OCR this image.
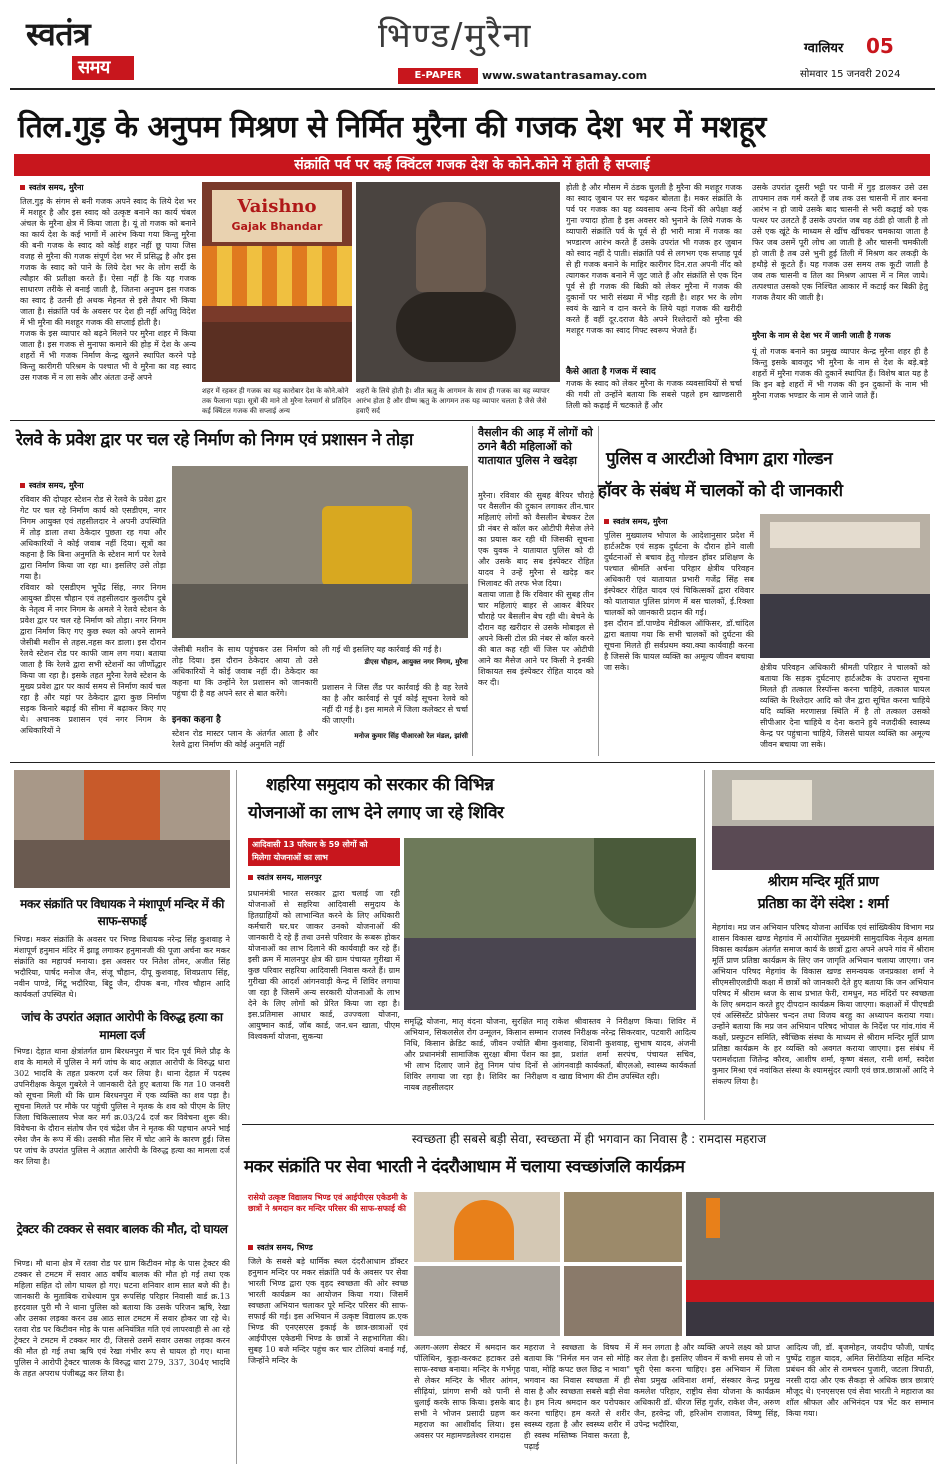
स्वतंत्र
समय
भिण्ड/मुरैना
E-PAPER	www.swatantrasamay.com
ग्वालियर 05
सोमवार 15 जनवरी 2024
तिल.गुड़ के अनुपम मिश्रण से निर्मित मुरैना की गजक देश भर में मशहूर
संक्रांति पर्व पर कई क्विंटल गजक देश के कोने.कोने में होती है सप्लाई
स्वतंत्र समय, मुरैना
तिल.गुड़ के संगम से बनी गजक अपने स्वाद के लिये देश भर में मशहूर है और इस स्वाद को उत्कृष्ट बनाने का कार्य चंबल अंचल के मुरैना क्षेत्र में किया जाता है। यूं तो गजक को बनाने का कार्य देश के कई भागों में आरंभ किया गया किन्तु मुरैना की बनी गजक के स्वाद को कोई शहर नहीं छू पाया जिस वजह से मुरैना की गजक संपूर्ण देश भर में प्रसिद्ध है और इस गजक के स्वाद को पाने के लिये देश भर के लोग सर्दी के त्यौहार की प्रतीक्षा करते हैं। ऐसा नहीं है कि यह गजक साधारण तरीके से बनाई जाती है, जितना अनुपम इस गजक का स्वाद है उतनी ही अथक मेहनत से इसे तैयार भी किया जाता है। संक्रांति पर्व के अवसर पर देश ही नहीं अपितु विदेश में भी मुरैना की मशहूर गजक की सप्लाई होती है।
गजक के इस व्यापार को बढ़ने मिलने पर मुरैना शहर में किया जाता है। इस गजक से मुनाफा कमाने की होड़ में देश के अन्य शहरों में भी गजक निर्माण केन्द्र खुलने स्थापित करने पड़े किन्तु कारीगरी परिश्रम के पश्चात भी वे मुरैना का वह स्वाद उस गजक में न ला सके और अंततः उन्हें अपने
Vaishno
Gajak Bhandar
शहर में रहकर ही गजक का यह कारोबार देश के कोने.कोने तक फैलाना पड़ा। सूत्रों की माने तो मुरैना रेलमार्ग से प्रतिदिन कई क्विंटल गजक की सप्लाई अन्य
शहरों के लिये होती है। शीत ऋतु के आगमन के साथ ही गजक का यह व्यापार आरंभ होता है और ग्रीष्म ऋतु के आगमन तक यह व्यापार चलता है जैसे जैसे हवाएँ सर्द
होती है और मौसम में ठंडक घुलती है मुरैना की मशहूर गजक का स्वाद जुबान पर सर चढ़कर बोलता है। मकर संक्रांति के पर्व पर गजक का यह व्यवसाय अन्य दिनों की अपेक्षा कई गुना ज्यादा होता है इस अवसर को भुनाने के लिये गजक के व्यापारी संक्रांति पर्व के पूर्व से ही भारी मात्रा में गजक का भण्डारण आरंभ करते हैं उसके उपरांत भी गजक हर जुबान को स्वाद नहीं दे पाती। संक्रांति पर्व से लगभग एक सप्ताह पूर्व से ही गजक बनाने के माहिर कारीगर दिन.रात अपनी नींद को त्यागकर गजक बनाने में जुट जाते हैं और संक्रांति से एक दिन पूर्व से ही गजक की बिक्री को लेकर मुरैना में गजक की दुकानों पर भारी संख्या में भीड़ रहती है। शहर भर के लोग स्वयं के खाने व दान करने के लिये यहां गजक की खरीदी करते हैं वहीं दूर.दराज बैठे अपने रिश्तेदारों को मुरैना की मशहूर गजक का स्वाद गिफ्ट स्वरूप भेजते हैं।
कैसे आता है गजक में स्वाद
गजक के स्वाद को लेकर मुरैना के गजक व्यवसायियों से चर्चा की गयी तो उन्होंने बताया कि सबसे पहले हम खाण्डसारी तिली को कढ़ाई में चटकाते हैं और
उसके उपरांत दूसरी भट्टी पर पानी में गुड़ डालकर उसे उस तापमान तक गर्म करते हैं जब तक उस चासनी में तार बनना आरंभ न हो जाये उसके बाद चासनी से भरी कढ़ाई को एक पत्थर पर उलटते हैं उसके उपरांत जब वह ठंडी हो जाती है तो उसे एक खूंटे के माध्यम से खींच खींचकर चमकाया जाता है फिर जब उसमें पूरी लोच आ जाती है और चासनी चमकीली हो जाती है तब उसे भुनी हुई तिली में मिश्रण कर लकड़ी के हथौड़े से कूटते हैं। यह गजक उस समय तक कूटी जाती है जब तक चासनी व तिल का मिश्रण आपस में न मिल जाये। तत्पश्चात उसको एक निश्चित आकार में कटाई कर बिक्री हेतु गजक तैयार की जाती है।
मुरैना के नाम से देश भर में जानी जाती है गजक
यूं तो गजक बनाने का प्रमुख व्यापार केन्द्र मुरैना शहर ही है किन्तु इसके बावजूद भी मुरैना के नाम से देश के बड़े.बड़े शहरों में मुरैना गजक की दुकानें स्थापित हैं। विशेष बात यह है कि इन बड़े शहरों में भी गजक की इन दुकानों के नाम भी मुरैना गजक भण्डार के नाम से जाने जाते हैं।
रेलवे के प्रवेश द्वार पर चल रहे निर्माण को निगम एवं प्रशासन ने तोड़ा
स्वतंत्र समय, मुरैना
रविवार की दोपहर स्टेशन रोड से रेलवे के प्रवेश द्वार गेट पर चल रहे निर्माण कार्य को एसडीएम, नगर निगम आयुक्त एवं तहसीलदार ने अपनी उपस्थिति में तोड़ डाला तथा ठेकेदार पुछता रह गया और अधिकारियों ने कोई जवाब नहीं दिया। सूत्रों का कहना है कि बिना अनुमति के स्टेशन मार्ग पर रेलवे द्वारा निर्माण किया जा रहा था। इसलिए उसे तोड़ा गया है।
रविवार को एसडीएम भूपेंद्र सिंह, नगर निगम आयुक्त डीएस चौहान एवं तहसीलदार कुलदीप दुबे के नेतृत्व में नगर निगम के अमले ने रेलवे स्टेशन के प्रवेश द्वार पर चल रहे निर्माण को तोड़ा। नगर निगम द्वारा निर्माण किए गए कुछ स्थल को अपने सामने जेसीबी मशीन से तहस.नहस कर डाला। इस दौरान रेलवे स्टेशन रोड पर काफी जाम लग गया। बताया जाता है कि रेलवे द्वारा सभी स्टेशनों का जीर्णोद्धार किया जा रहा है। इसके तहत मुरैना रेलवे स्टेशन के मुख्य प्रवेश द्वार पर कार्य समय से निर्माण कार्य चल रहा है और यहां पर ठेकेदार द्वारा कुछ निर्माण सड़क किनारे बढ़ाई की सीमा में बढ़ाकर किए गए थे। अचानक प्रशासन एवं नगर निगम के अधिकारियों ने
जेसीबी मशीन के साथ पहुंचकर उस निर्माण को तोड़ दिया। इस दौरान ठेकेदार आया तो उसे अधिकारियों ने कोई जवाब नहीं दी। ठेकेदार का कहना था कि उन्होंने रेल प्रशासन को जानकारी पहुंचा दी है वह अपने स्तर से बात करेंगे।
इनका कहना है
स्टेशन रोड मास्टर प्लान के अंतर्गत आता है और रेलवे द्वारा निर्माण की कोई अनुमति नहीं
ली गई थी इसलिए यह कार्रवाई की गई है।
डीएस चौहान, आयुक्त नगर निगम, मुरैना
प्रशासन ने जिस लैंड पर कार्रवाई की है वह रेलवे का है और कार्रवाई से पूर्व कोई सूचना रेलवे को नहीं दी गई है। इस मामले में जिला कलेक्टर से चर्चा की जाएगी।
मनोज कुमार सिंह पीआरओ रेल मंडल, झांसी
वैसलीन की आड़ में लोगों को ठगने बैठी महिलाओं को यातायात पुलिस ने खदेड़ा
मुरैना। रविवार की सुबह बैरियर चौराहे पर वैसलीन की दुकान लगाकर तीन.चार महिलाएं लोगों को वैसलीन बेचकर टेल प्री नंबर से कॉल कर ओटीपी मैसेज लेने का प्रयास कर रही थी जिसकी सूचना एक युवक ने यातायात पुलिस को दी और उसके बाद सब इंस्पेक्टर रोहित यादव ने उन्हें मुरैना से खदेड़ कर भिलावट की तरफ भेज दिया।
बताया जाता है कि रविवार की सुबह तीन चार महिलाएं बाहर से आकर बैरियर चौराहे पर बैसलीन बेच रही थी। बेचने के दौरान वह खरीदार से उसके मोबाइल से अपने किसी टोल फ्री नंबर से कॉल करने की बात कह रही थीं जिस पर ओटीपी आने का मैसेज आने पर किसी ने इनकी शिकायत सब इंस्पेक्टर रोहित यादव को कर दी।
पुलिस व आरटीओ विभाग द्वारा गोल्डन
हॉवर के संबंध में चालकों को दी जानकारी
स्वतंत्र समय, मुरैना
पुलिस मुख्यालय भोपाल के आदेशानुसार प्रदेश में हार्टअटैक एवं सड़क दुर्घटना के दौरान होने वाली दुर्घटनाओं से बचाव हेतु गोल्डन हॉवर प्रशिक्षण के पश्चात श्रीमति अर्चना परिहार क्षेत्रीय परिवहन अधिकारी एवं यातायात प्रभारी गजेंद्र सिंह सब इंस्पेक्टर रोहित यादव एवं चिकित्सकों द्वारा रविवार को यातायात पुलिस प्रांगण में बस चालकों, ई.रिक्शा चालकों को जानकारी प्रदान की गई।
इस दौरान डॉ.पाण्डेय मेडीकल ऑफिसर, डॉ.चांदिल द्वारा बताया गया कि सभी चालकों को दुर्घटना की सूचना मिलते ही सर्वप्रथम क्या.क्या कार्यवाही करना है जिससे कि घायल व्यक्ति का अमूल्य जीवन बचाया जा सके।	क्षेत्रीय परिवहन अधिकारी श्रीमती परिहार ने चालकों को बताया कि सड़क दुर्घटनाए हार्टअटैक के उपरान्त सूचना मिलते ही तत्काल रिस्पॉन्स करना चाहिये, तत्काल घायल व्यक्ति के रिश्तेदार आदि को जैन द्वारा सूचित करना चाहिये यदि व्यक्ति मरणासन्न स्थिति में है तो तत्काल उसको सीपीआर देना चाहिये व देना कराने हुये नजदीकी स्वास्थ्य केन्द्र पर पहुंचाना चाहिये, जिससे घायल व्यक्ति का अमूल्य जीवन बचाया जा सके।
मकर संक्रांति पर विधायक ने मंशापूर्ण मन्दिर में की साफ-सफाई
भिण्ड। मकर संक्रांति के अवसर पर भिण्ड विधायक नरेन्द्र सिंह कुशवाह ने मंशापूर्ण हनुमान मंदिर में झाडू लगाकर हनुमानजी की पूजा अर्चना कर मकर संक्रांति का महापर्व मनाया। इस अवसर पर नितेश तोमर, अजीत सिंह भदौरिया, पार्षद मनोज जैन, संजू चौहान, दीपू कुशवाह, शिवप्रताप सिंह, नवीन पाण्डे, मिंटू भदौरिया, बिट्टू जैन, दीपक बना, गौरव चौहान आदि कार्यकर्ता उपस्थित थे।
जांच के उपरांत अज्ञात आरोपी के विरुद्ध हत्या का मामला दर्ज
भिण्ड। देहात थाना क्षेत्रांतर्गत ग्राम बिरधनपुरा में चार दिन पूर्व मिले प्रौढ़ के शव के मामले में पुलिस ने मर्ग जांच के बाद अज्ञात आरोपी के विरुद्ध धारा 302 भादवि के तहत प्रकरण दर्ज कर लिया है। थाना देहात में पदस्थ उपनिरीक्षक केयूल गुबरेले ने जानकारी देते हुए बताया कि गत 10 जनवरी को सूचना मिली थी कि ग्राम बिरधनपुरा में एक व्यक्ति का शव पड़ा है। सूचना मिलते पर मौके पर पहुंची पुलिस ने मृतक के शव को पीएम के लिए जिला चिकित्सालय भेज कर मर्ग क्र.03/24 दर्ज कर विवेचना शुरू की। विवेचना के दौरान संतोष जैन एवं चंद्रेश जैन ने मृतक की पहचान अपने भाई रमेश जैन के रूप में की। उसकी मौत सिर में चोट आने के कारण हुई। जिस पर जांच के उपरांत पुलिस ने अज्ञात आरोपी के विरुद्ध हत्या का मामला दर्ज कर लिया है।
ट्रेक्टर की टक्कर से सवार बालक की मौत, दो घायल
भिण्ड। मौ थाना क्षेत्र में रतवा रोड पर ग्राम किटीवन मोड़ के पास ट्रेक्टर की टक्कर से टमटम में सवार आठ वर्षीय बालक की मौत हो गई तथा एक महिला सहित दो लोग घायल हो गए। घटना शनिवार शाम सात बजे की है। जानकारी के मुताबिक राधेश्याम पुत्र रूपसिंह परिहार निवासी वार्ड क्र.13 हरदवाल पुरी मौ ने थाना पुलिस को बताया कि उसके परिजन ऋषि, रेखा और उसका लड़का करन उम्र आठ साल टमटम में सवार होकर जा रहे थे। रतवा रोड पर किटीवन मोड़ के पास अनियंत्रित गति एवं लापरवाही से आ रहे ट्रेक्टर ने टमटम में टक्कर मार दी, जिससे उसमें सवार उसका लड़का करन की मौत हो गई तथा ऋषि एवं रेखा गंभीर रूप से घायल हो गए। थाना पुलिस ने आरोपी ट्रेक्टर चालक के विरुद्ध धारा 279, 337, 304ए भादवि के तहत अपराध पंजीबद्ध कर लिया है।
शहरिया समुदाय को सरकार की विभिन्न
योजनाओं का लाभ देने लगाए जा रहे शिविर
आदिवासी 13 परिवार के 59 लोगों को
मिलेगा योजनाओं का लाभ
स्वतंत्र समय, मालनपुर
प्रधानमंत्री भारत सरकार द्वारा चलाई जा रही योजनाओं से सहरिया आदिवासी समुदाय के हितग्राहियों को लाभान्वित करने के लिए अधिकारी कर्मचारी घर.घर जाकर उनको योजनाओं की जानकारी दे रहे हैं तथा उनसे परिवार के रूबरू होकर योजनाओं का लाभ दिलाने की कार्यवाही कर रहे हैं। इसी क्रम में मालनपुर क्षेत्र की ग्राम पंचायत गुरीखा में कुछ परिवार सहरिया आदिवासी निवास करते हैं। ग्राम गुरीखा की आदर्श आंगनवाड़ी केन्द्र में शिविर लगाया जा रहा है जिसमें अन्य सरकारी योजनाओं के लाभ देने के लिए लोगों को प्रेरित किया जा रहा है। इस.प्रतिमास आधार कार्ड, उज्ज्वला योजना, आयुष्मान कार्ड, जॉब कार्ड, जन.धन खाता, पीएम विश्वकर्मा योजना, सुकन्या
समृद्धि योजना, मातृ वंदना योजना, सुरक्षित मातृ अभियान, सिकलसेल रोग उन्मूलन, किसान सम्मान निधि, किसान क्रेडिट कार्ड, जीवन ज्योति बीमा और प्रधानमंत्री सामाजिक सुरक्षा बीमा पेंशन का भी लाभ दिलाए जाने हेतु निगम पांच दिनों से शिविर लगाया जा रहा है। शिविर का निरीक्षण नायब तहसीलदार
राकेश श्रीवास्तव ने निरीक्षण किया। शिविर में राजस्व निरीक्षक नरेन्द्र सिकरवार, पटवारी आदित्य कुशवाह, शिवानी कुशवाह, सुभाष यादव, अंजनी झा, प्रशांत शर्मा सरपंच, पंचायत सचिव, आंगनवाड़ी कार्यकर्ता, बीएलओ, स्वास्थ्य कार्यकर्ता व खाद्य विभाग की टीम उपस्थित रही।
श्रीराम मन्दिर मूर्ति प्राण
प्रतिष्ठा का देंगे संदेश : शर्मा
मेहगांव। मप्र जन अभियान परिषद योजना आर्थिक एवं सांख्यिकीय विभाग मप्र शासन विकास खण्ड मेहगांव में आयोजित मुख्यमंत्री सामुदायिक नेतृत्व क्षमता विकास कार्यक्रम अंतर्गत समाज कार्य के छात्रों द्वारा अपने अपने गांव में श्रीराम मूर्ति प्राण प्रतिष्ठा कार्यक्रम के लिए जन जागृति अभियान चलाया जाएगा। जन अभियान परिषद मेहगांव के विकास खण्ड समन्वयक जनप्रकाश शर्मा ने सीएमसीएलडीपी कक्षा में छात्रों को जानकारी देते हुए बताया कि जन अभियान परिषद में श्रीराम ध्वज के साथ प्रभात फेरी, रामधुन, मठ मंदिरों पर स्वच्छता के लिए श्रमदान करते हुए दीपदान कार्यक्रम किया जाएगा। कक्षाओं में पीएचडी एवं अस्सिस्टेंट प्रोफेसर चन्दन तथा विजय बरहु का अध्यापन कराया गया। उन्होंने बताया कि मप्र जन अभियान परिषद भोपाल के निर्देश पर गांव.गांव में कक्षों, प्रस्फुटन समिति, स्वैच्छिक संस्था के माध्यम से श्रीराम मन्दिर मूर्ति प्राण प्रतिष्ठा कार्यक्रम के हर व्यक्ति को अवगत कराया जाएगा। इस संबंध में परामर्शदाता जितेन्द्र कौरव, आशीष शर्मा, कृष्ण बंसल, रानी शर्मा, स्वदेश कुमार मिश्रा एवं नवांकित संस्था के श्यामसुंदर त्यागी एवं छात्र.छात्राओं आदि ने संकल्प लिया है।
स्वच्छता ही सबसे बड़ी सेवा, स्वच्छता में ही भगवान का निवास है : रामदास महराज
मकर संक्रांति पर सेवा भारती ने दंदरौआधाम में चलाया स्वच्छांजलि कार्यक्रम
रासेयो उत्कृष्ट विद्यालय भिण्ड एवं आईपीएस एकेडमी के छात्रों ने श्रमदान कर मन्दिर परिसर की साफ-सफाई की
स्वतंत्र समय, भिण्ड
जिले के सबसे बड़े धार्मिक स्थल दंदरौआधाम डॉक्टर हनुमान मन्दिर पर मकर संक्रांति पर्व के अवसर पर सेवा भारती भिण्ड द्वारा एक वृहद स्वच्छता की ओर स्वच्छ भारती कार्यक्रम का आयोजन किया गया। जिसमें स्वच्छता अभियान चलाकर पूरे मन्दिर परिसर की साफ-सफाई की गई। इस अभियान में उत्कृष्ट विद्यालय क्र.एक भिण्ड की एनएसएस इकाई के छात्र-छात्राओं एवं आईपीएस एकेडमी भिण्ड के छात्रों ने सहभागिता की। सुबह 10 बजे मन्दिर पहुंच कर चार टोलियां बनाई गईं, जिन्होंने मन्दिर के
अलग-अलग सेक्टर में श्रमदान कर पॉलिथिन, कूड़ा-करकट हटाकर उसे साफ-स्वच्छ बनाया। मन्दिर के गर्भगृह से लेकर मन्दिर के भीतर आंगन, सीढ़ियां, प्रांगण सभी को पानी से धुलाई करके साफ किया। इसके बाद सभी ने भोजन प्रसादी ग्रहण कर महराज का आशीर्वाद लिया। इस अवसर पर महामण्डलेश्वर रामदास
महराज ने स्वच्छता के विषय में बताया कि "निर्मल मन जन सो मोहि पावा, मोहि कपट छल छिद्र न भावा" भगवान का निवास स्वच्छता में ही वास है और स्वच्छता सबसे बड़ी सेवा है। हम नित्य श्रमदान कर परोपकार करना चाहिए। हम करते से शरीर स्वस्थ्य रहता है और स्वस्थ्य शरीर में ही स्वस्थ मस्तिष्क निवास करता है, पढ़ाई
में मन लगता है और व्यक्ति अपने लक्ष्य को प्राप्त कर लेता है। इसलिए जीवन में कभी समय से जो न चूरी ऐसा करना चाहिए। इस अभियान में जिला सेवा प्रमुख अविनाश शर्मा, संस्कार केन्द्र प्रमुख कमलेश परिहार, राष्ट्रीय सेवा योजना के कार्यक्रम अधिकारी डॉ. धीरज सिंह गुर्जर, राकेश जैन, अरुण जैन, हरवेन्द्र जी, हरिओम राजावत, विष्णु सिंह, उपेन्द्र भदौरिया,
आदित्य जी, डॉ. बृजमोहन, जयदीप फौजी, पार्षद पुष्पेंद्र राहुल यादव, अमित सिरोठिया सहित मन्दिर प्रबंधन की ओर से रामचरन पुजारी, जटला त्रिपाठी, नरसी दादा और एक सैकड़ा से अधिक छात्र छात्राएं मौजूद थे। एनएसएस एवं सेवा भारती ने महाराज का शॉल श्रीफल और अभिनंदन पत्र भेंट कर सम्मान किया गया।
